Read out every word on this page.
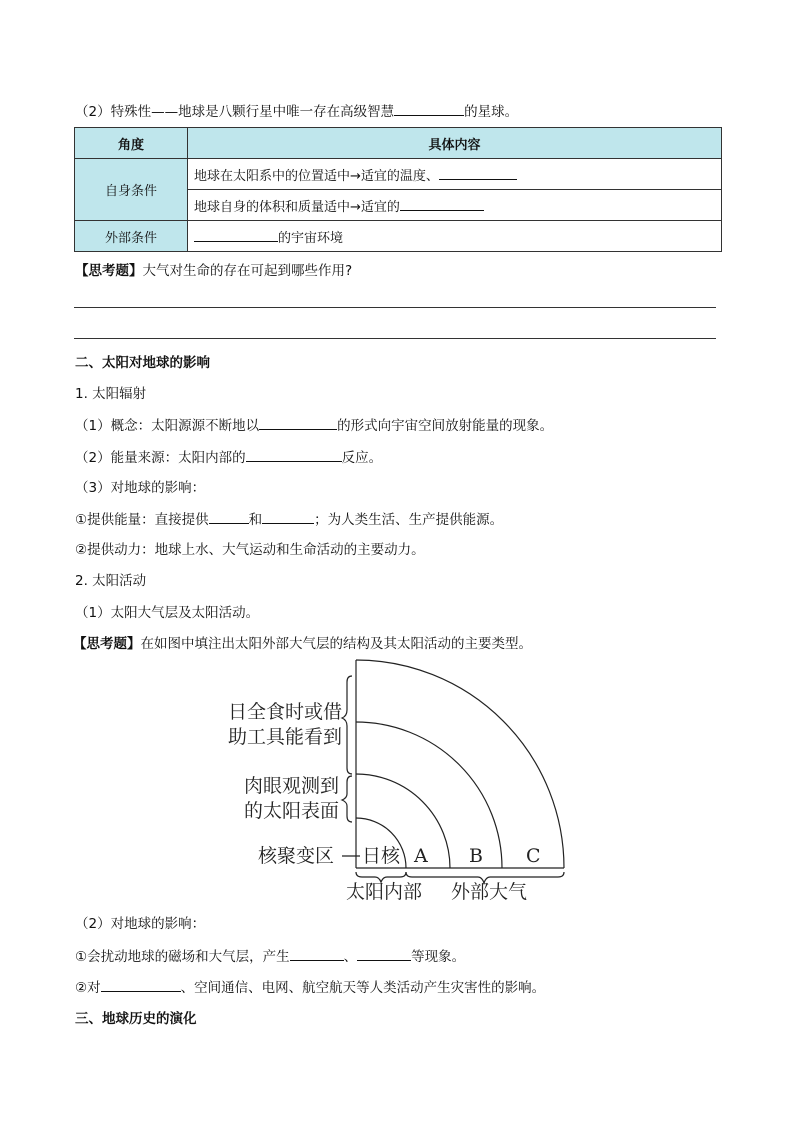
（2）特殊性——地球是八颗行星中唯一存在高级智慧	的星球。
角度	具体内容
自身条件	地球在太阳系中的位置适中→适宜的温度、
	地球自身的体积和质量适中→适宜的
外部条件	的宇宙环境
【思考题】大气对生命的存在可起到哪些作用?
二、太阳对地球的影响
1. 太阳辐射
（1）概念：太阳源源不断地以	的形式向宇宙空间放射能量的现象。
（2）能量来源：太阳内部的	反应。
（3）对地球的影响：
①提供能量：直接提供	和	；为人类生活、生产提供能源。
②提供动力：地球上水、大气运动和生命活动的主要动力。
2. 太阳活动
（1）太阳大气层及太阳活动。
【思考题】在如图中填注出太阳外部大气层的结构及其太阳活动的主要类型。
日全食时或借
助工具能看到
肉眼观测到
的太阳表面
核聚变区 日核 A B C
太阳内部 外部大气
（2）对地球的影响：
①会扰动地球的磁场和大气层，产生	、	等现象。
②对	、空间通信、电网、航空航天等人类活动产生灾害性的影响。
三、地球历史的演化
